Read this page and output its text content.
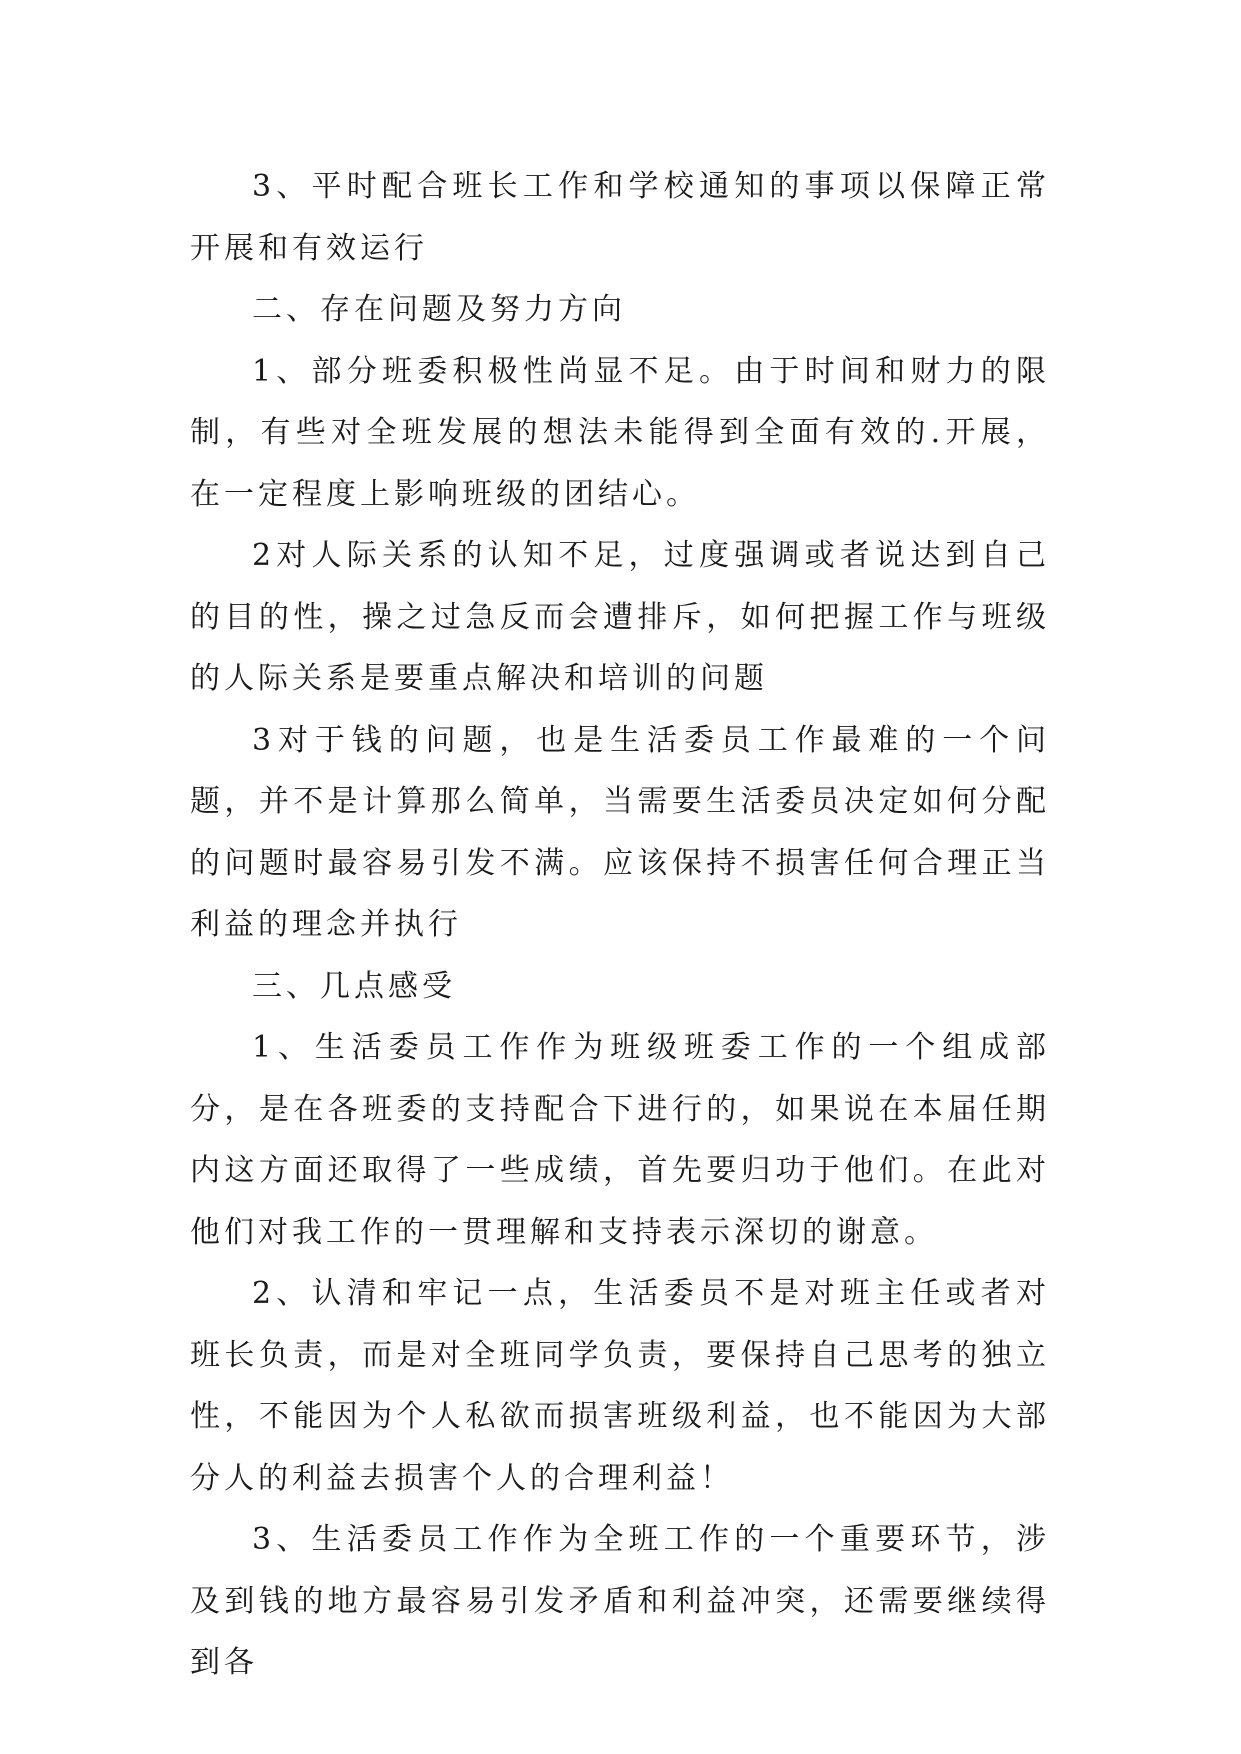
3、平时配合班长工作和学校通知的事项以保障正常开展和有效运行

二、存在问题及努力方向

1、部分班委积极性尚显不足。由于时间和财力的限制，有些对全班发展的想法未能得到全面有效的.开展，在一定程度上影响班级的团结心。

2对人际关系的认知不足，过度强调或者说达到自己的目的性，操之过急反而会遭排斥，如何把握工作与班级的人际关系是要重点解决和培训的问题

3对于钱的问题，也是生活委员工作最难的一个问题，并不是计算那么简单，当需要生活委员决定如何分配的问题时最容易引发不满。应该保持不损害任何合理正当利益的理念并执行

三、几点感受

1、生活委员工作作为班级班委工作的一个组成部分，是在各班委的支持配合下进行的，如果说在本届任期内这方面还取得了一些成绩，首先要归功于他们。在此对他们对我工作的一贯理解和支持表示深切的谢意。

2、认清和牢记一点，生活委员不是对班主任或者对班长负责，而是对全班同学负责，要保持自己思考的独立性，不能因为个人私欲而损害班级利益，也不能因为大部分人的利益去损害个人的合理利益！

3、生活委员工作作为全班工作的一个重要环节，涉及到钱的地方最容易引发矛盾和利益冲突，还需要继续得到各
